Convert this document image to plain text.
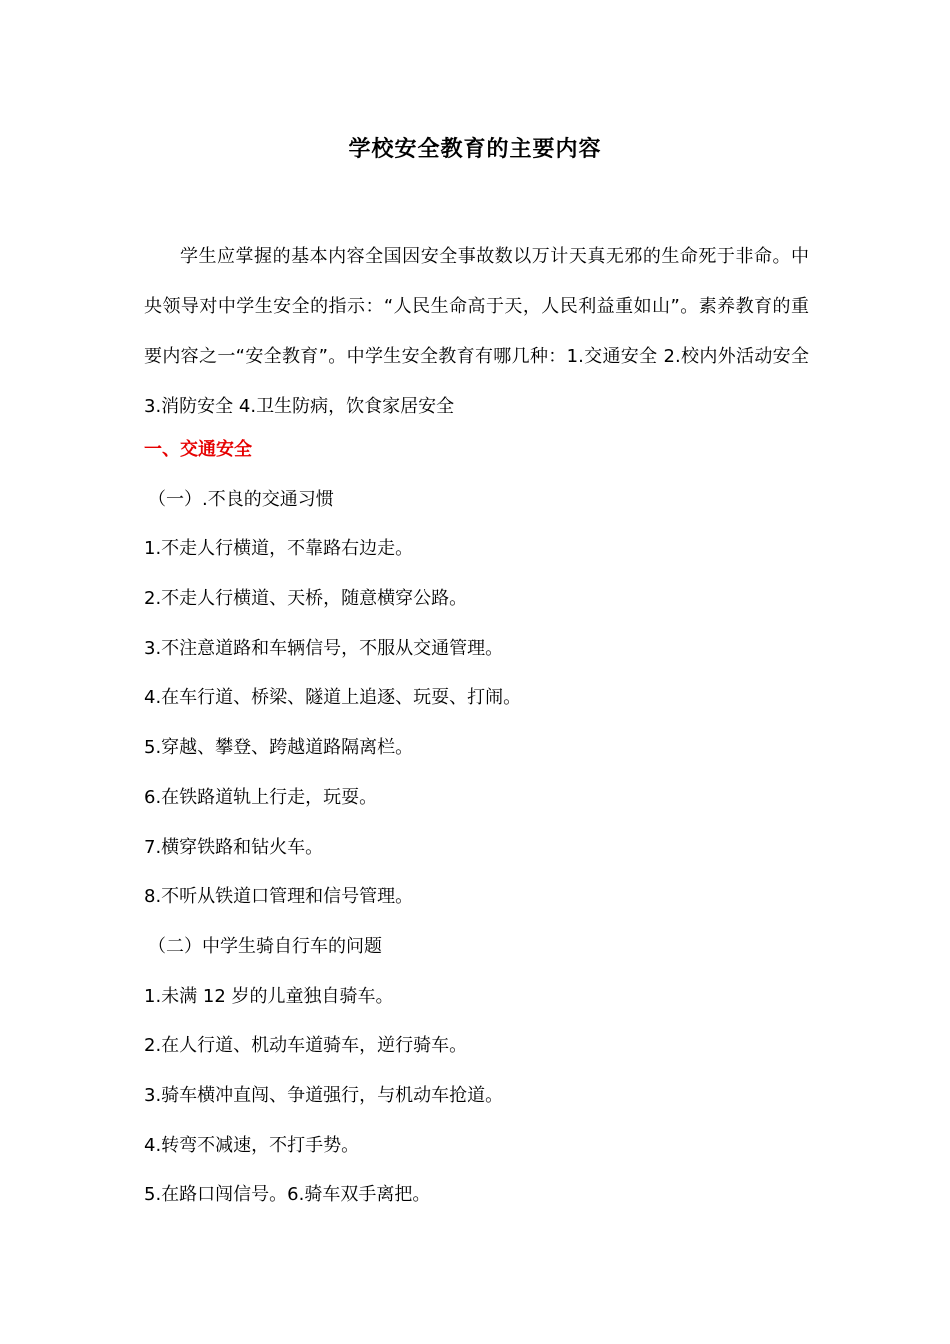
学校安全教育的主要内容

学生应掌握的基本内容全国因安全事故数以万计天真无邪的生命死于非命。中央领导对中学生安全的指示：“人民生命高于天，人民利益重如山”。素养教育的重要内容之一“安全教育”。中学生安全教育有哪几种：1.交通安全 2.校内外活动安全 3.消防安全 4.卫生防病，饮食家居安全

一、交通安全
（一）.不良的交通习惯
1.不走人行横道，不靠路右边走。
2.不走人行横道、天桥，随意横穿公路。
3.不注意道路和车辆信号，不服从交通管理。
4.在车行道、桥梁、隧道上追逐、玩耍、打闹。
5.穿越、攀登、跨越道路隔离栏。
6.在铁路道轨上行走，玩耍。
7.横穿铁路和钻火车。
8.不听从铁道口管理和信号管理。
（二）中学生骑自行车的问题
1.未满 12 岁的儿童独自骑车。
2.在人行道、机动车道骑车，逆行骑车。
3.骑车横冲直闯、争道强行，与机动车抢道。
4.转弯不减速，不打手势。
5.在路口闯信号。6.骑车双手离把。
